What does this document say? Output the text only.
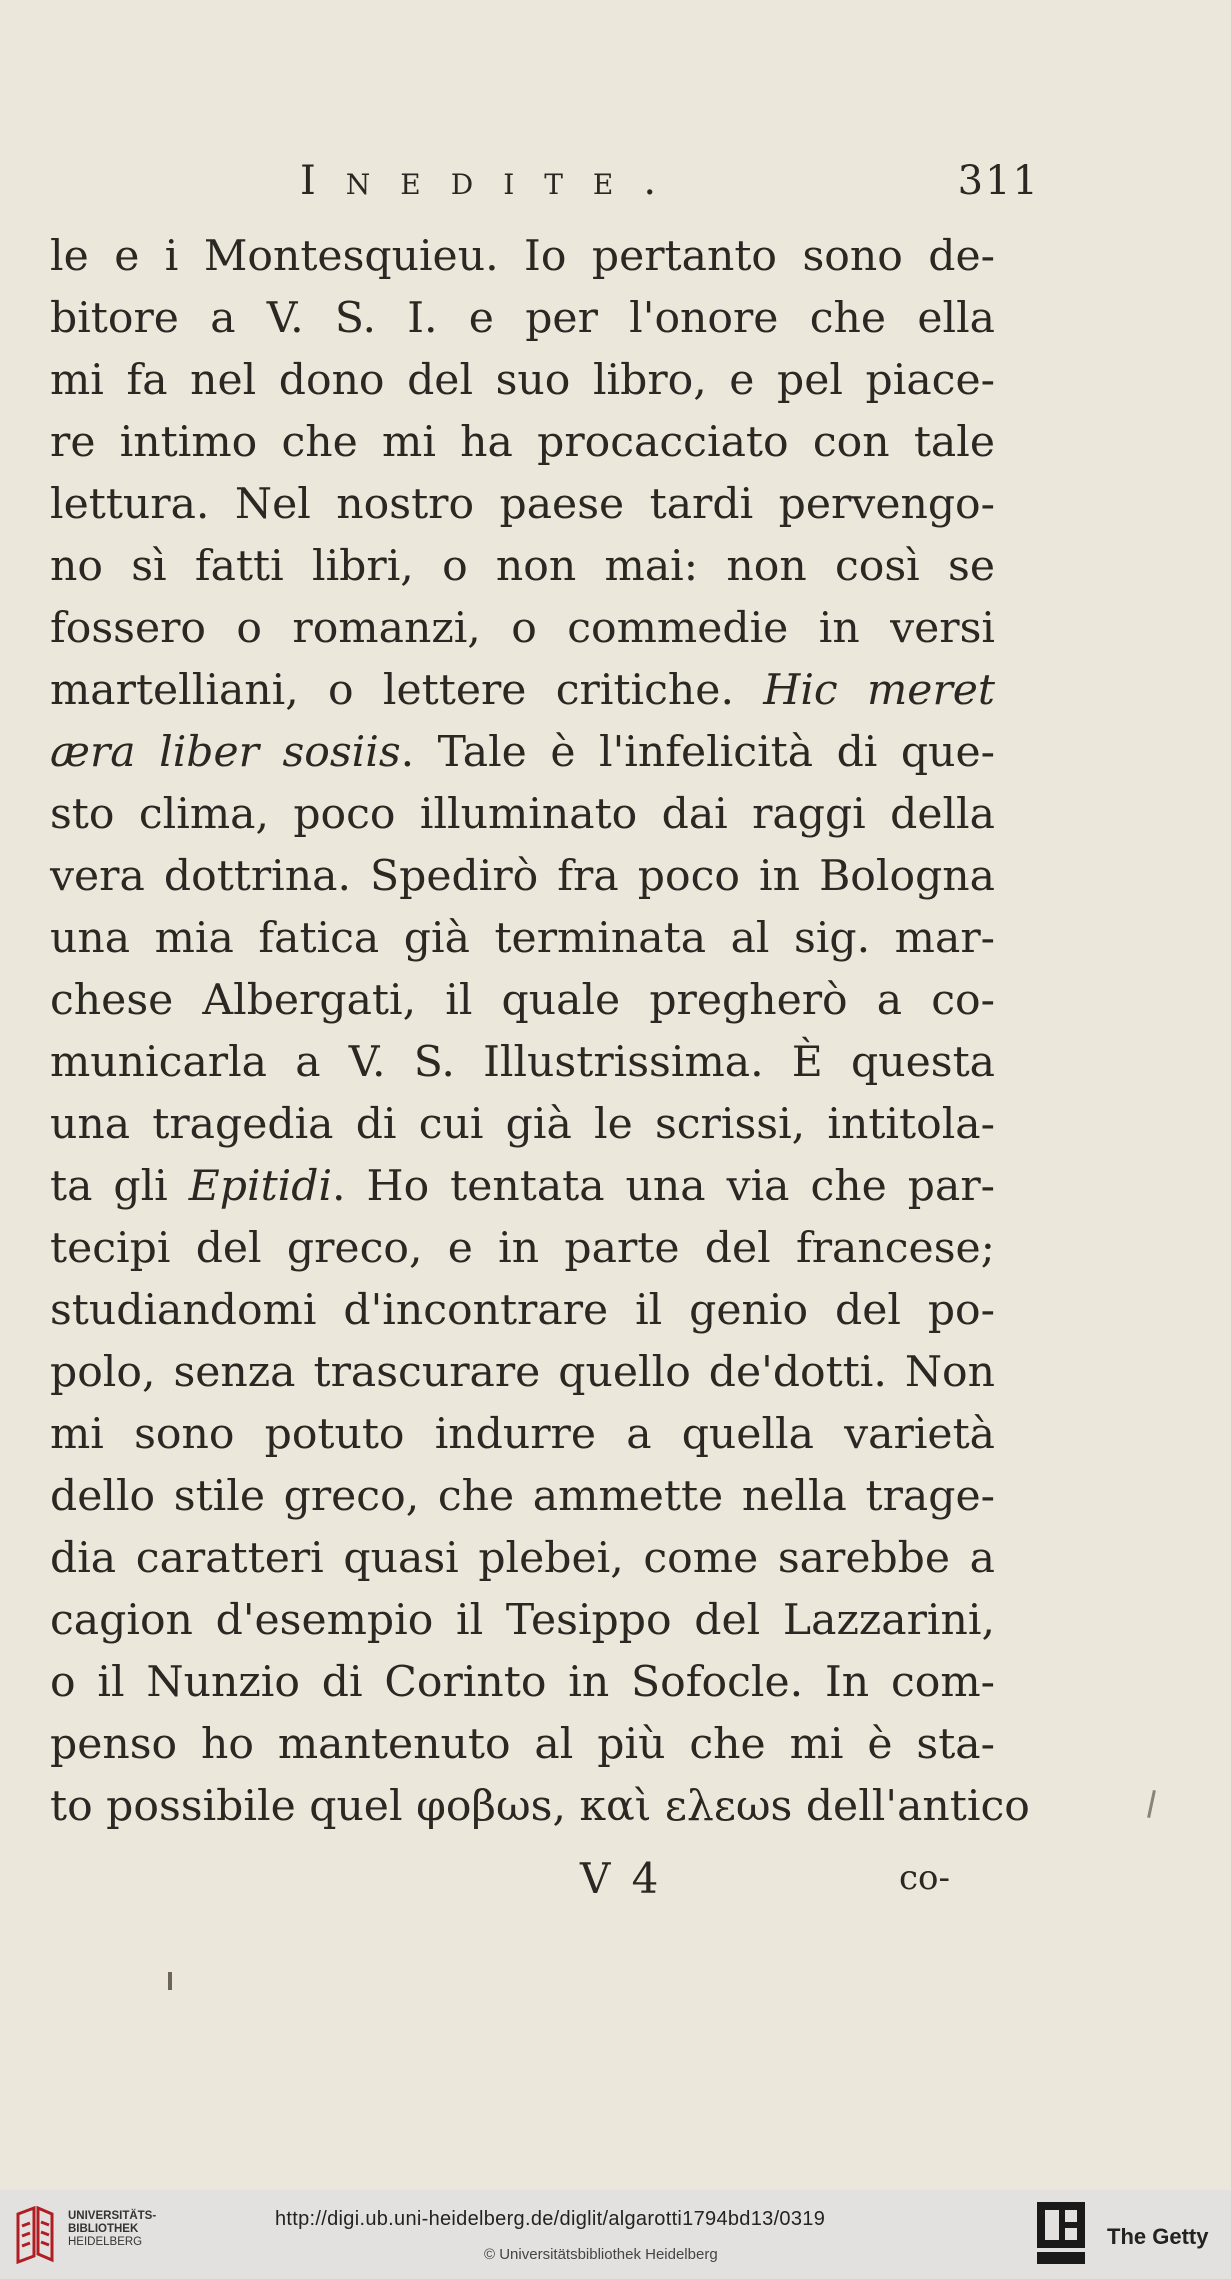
Inedite.	311
le e i Montesquieu. Io pertanto sono de-
bitore a V. S. I. e per l'onore che ella
mi fa nel dono del suo libro, e pel piace-
re intimo che mi ha procacciato con tale
lettura. Nel nostro paese tardi pervengo-
no sì fatti libri, o non mai: non così se
fossero o romanzi, o commedie in versi
martelliani, o lettere critiche. Hic meret
æra liber sosiis. Tale è l'infelicità di que-
sto clima, poco illuminato dai raggi della
vera dottrina. Spedirò fra poco in Bologna
una mia fatica già terminata al sig. mar-
chese Albergati, il quale pregherò a co-
municarla a V. S. Illustrissima. È questa
una tragedia di cui già le scrissi, intitola-
ta gli Epitidi. Ho tentata una via che par-
tecipi del greco, e in parte del francese;
studiandomi d'incontrare il genio del po-
polo, senza trascurare quello de'dotti. Non
mi sono potuto indurre a quella varietà
dello stile greco, che ammette nella trage-
dia caratteri quasi plebei, come sarebbe a
cagion d'esempio il Tesippo del Lazzarini,
o il Nunzio di Corinto in Sofocle. In com-
penso ho mantenuto al più che mi è sta-
to possibile quel φoβωs, καὶ ελεωs dell'antico
V 4	co-
UNIVERSITÄTS-
BIBLIOTHEK
HEIDELBERG
http://digi.ub.uni-heidelberg.de/diglit/algarotti1794bd13/0319
© Universitätsbibliothek Heidelberg
The Getty
